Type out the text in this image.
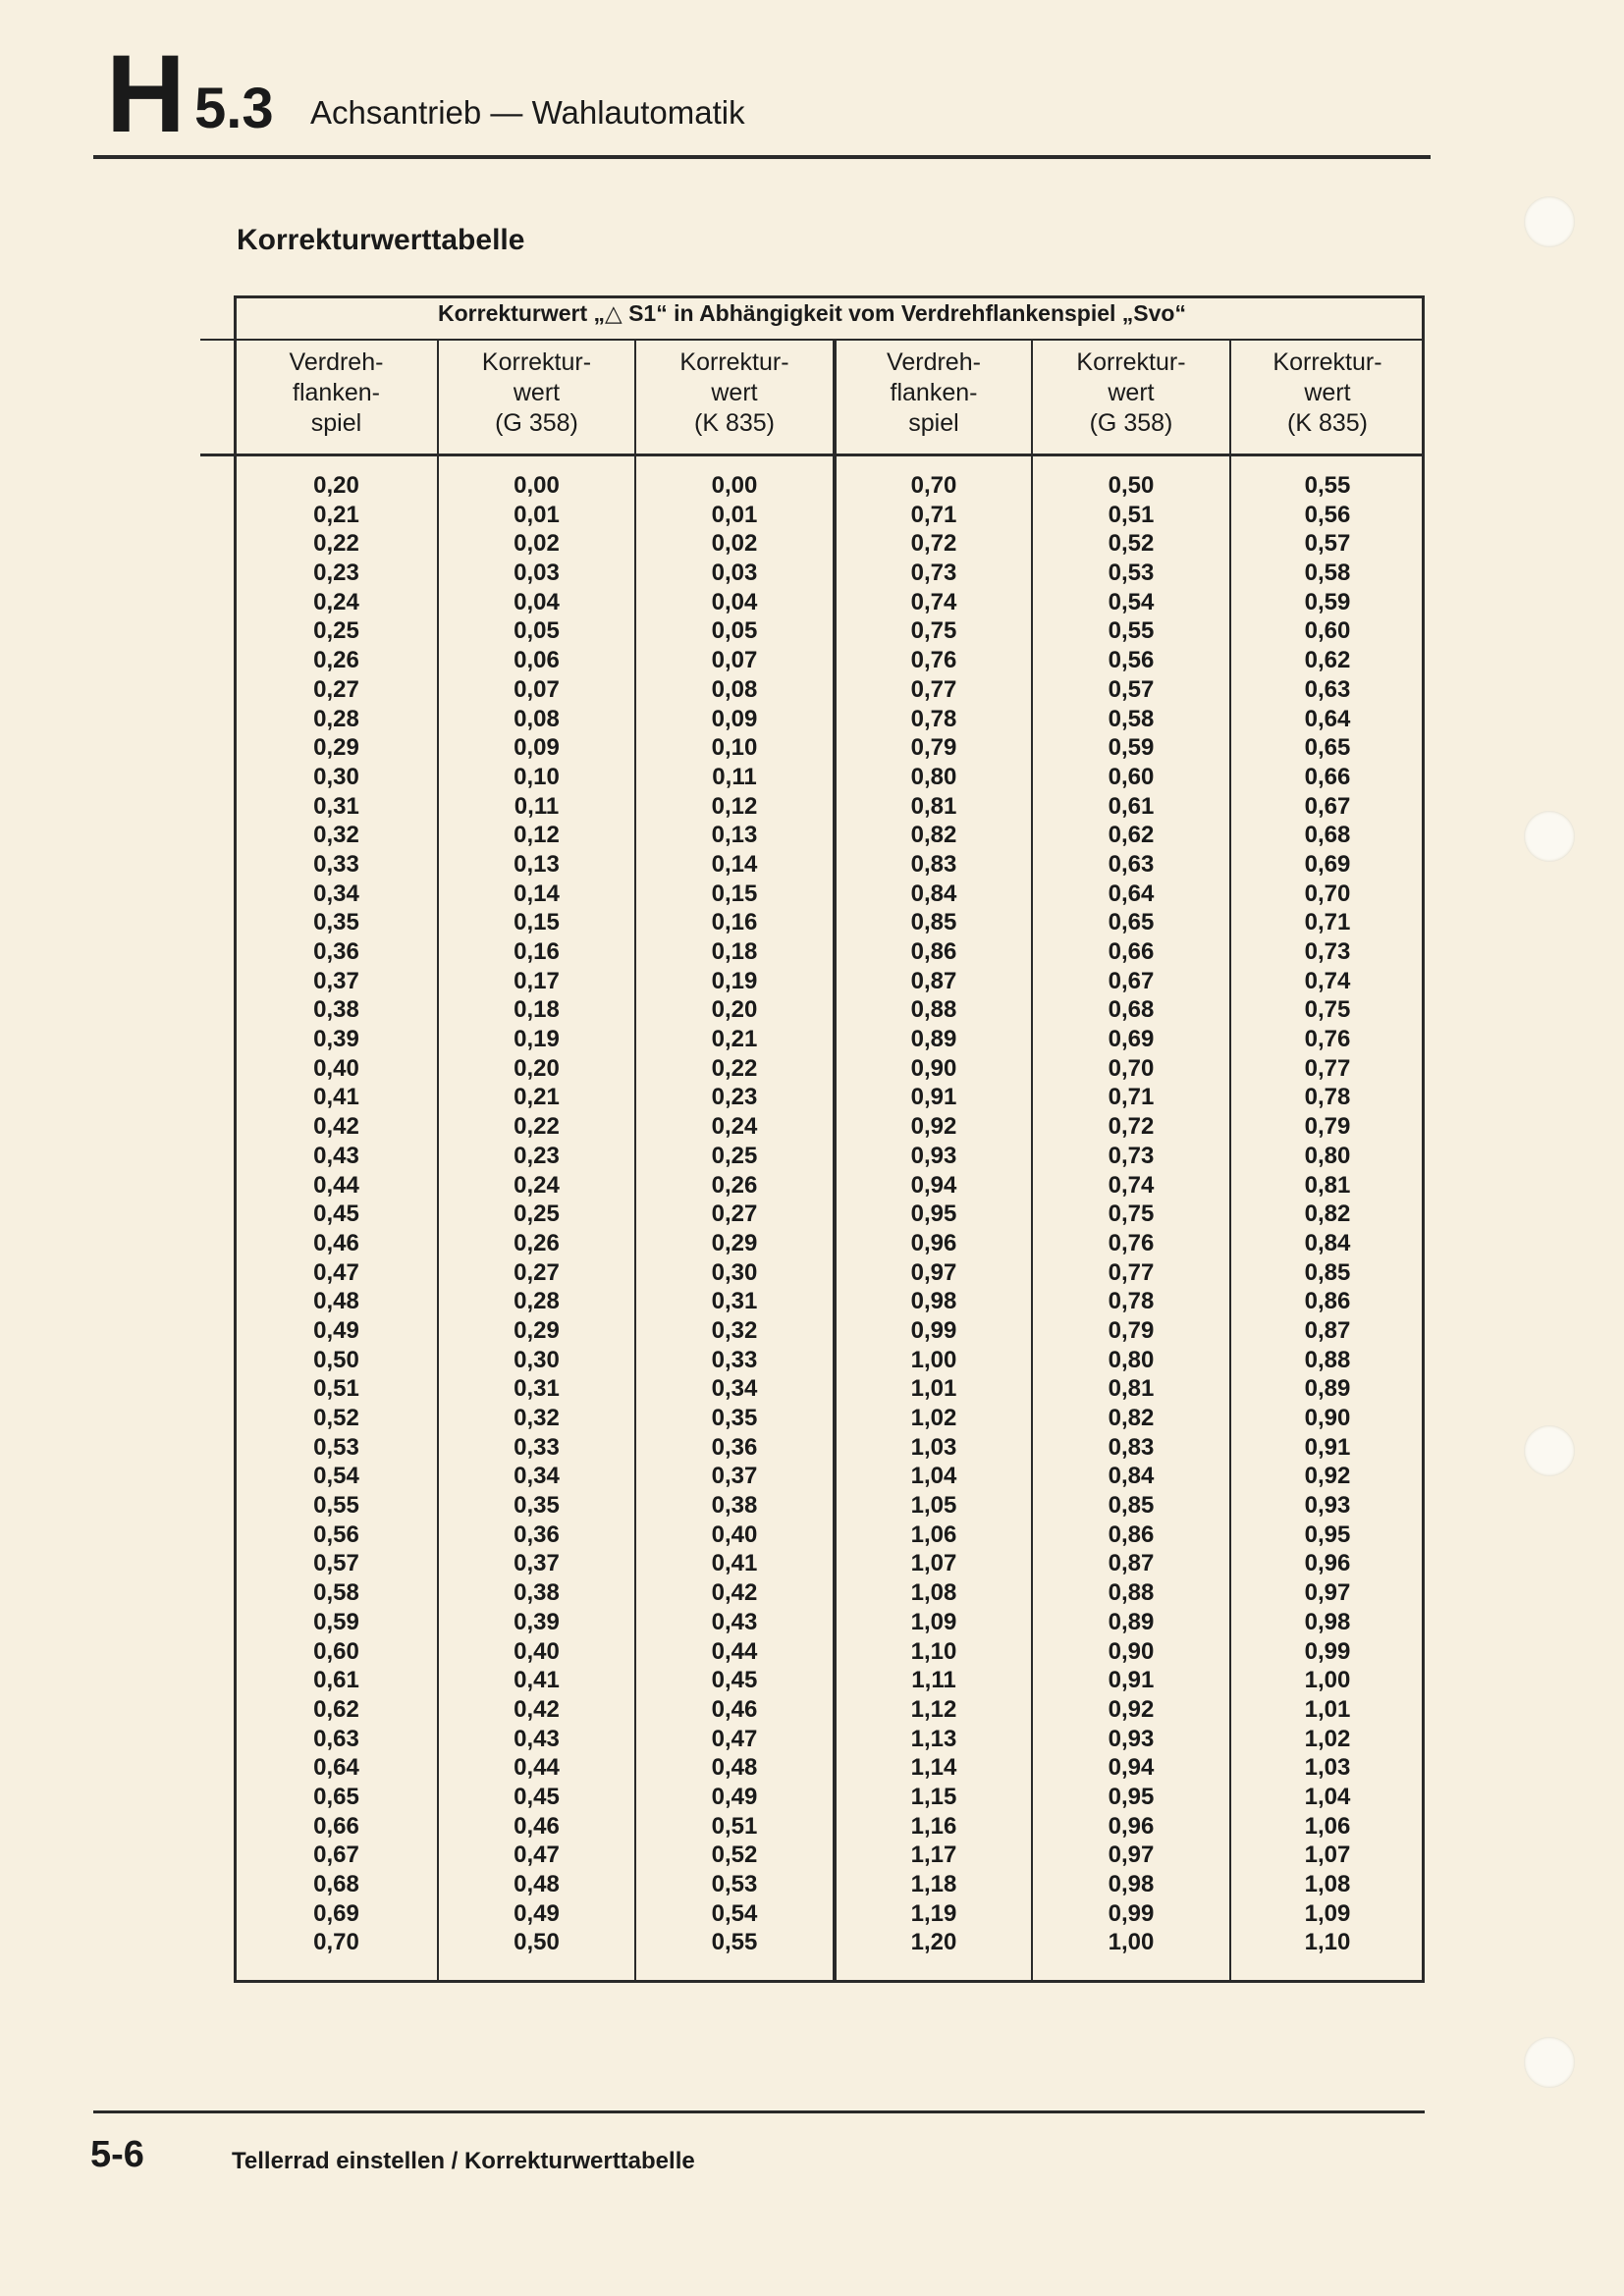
H 5.3 Achsantrieb — Wahlautomatik
Korrekturwerttabelle
Korrekturwert „△ S1“ in Abhängigkeit vom Verdrehflankenspiel „Svo“
Verdreh-
flanken-
spiel
Korrektur-
wert
(G 358)
Korrektur-
wert
(K 835)
Verdreh-
flanken-
spiel
Korrektur-
wert
(G 358)
Korrektur-
wert
(K 835)
0,20
0,21
0,22
0,23
0,24
0,25
0,26
0,27
0,28
0,29
0,30
0,31
0,32
0,33
0,34
0,35
0,36
0,37
0,38
0,39
0,40
0,41
0,42
0,43
0,44
0,45
0,46
0,47
0,48
0,49
0,50
0,51
0,52
0,53
0,54
0,55
0,56
0,57
0,58
0,59
0,60
0,61
0,62
0,63
0,64
0,65
0,66
0,67
0,68
0,69
0,70
0,00
0,01
0,02
0,03
0,04
0,05
0,06
0,07
0,08
0,09
0,10
0,11
0,12
0,13
0,14
0,15
0,16
0,17
0,18
0,19
0,20
0,21
0,22
0,23
0,24
0,25
0,26
0,27
0,28
0,29
0,30
0,31
0,32
0,33
0,34
0,35
0,36
0,37
0,38
0,39
0,40
0,41
0,42
0,43
0,44
0,45
0,46
0,47
0,48
0,49
0,50
0,00
0,01
0,02
0,03
0,04
0,05
0,07
0,08
0,09
0,10
0,11
0,12
0,13
0,14
0,15
0,16
0,18
0,19
0,20
0,21
0,22
0,23
0,24
0,25
0,26
0,27
0,29
0,30
0,31
0,32
0,33
0,34
0,35
0,36
0,37
0,38
0,40
0,41
0,42
0,43
0,44
0,45
0,46
0,47
0,48
0,49
0,51
0,52
0,53
0,54
0,55
0,70
0,71
0,72
0,73
0,74
0,75
0,76
0,77
0,78
0,79
0,80
0,81
0,82
0,83
0,84
0,85
0,86
0,87
0,88
0,89
0,90
0,91
0,92
0,93
0,94
0,95
0,96
0,97
0,98
0,99
1,00
1,01
1,02
1,03
1,04
1,05
1,06
1,07
1,08
1,09
1,10
1,11
1,12
1,13
1,14
1,15
1,16
1,17
1,18
1,19
1,20
0,50
0,51
0,52
0,53
0,54
0,55
0,56
0,57
0,58
0,59
0,60
0,61
0,62
0,63
0,64
0,65
0,66
0,67
0,68
0,69
0,70
0,71
0,72
0,73
0,74
0,75
0,76
0,77
0,78
0,79
0,80
0,81
0,82
0,83
0,84
0,85
0,86
0,87
0,88
0,89
0,90
0,91
0,92
0,93
0,94
0,95
0,96
0,97
0,98
0,99
1,00
0,55
0,56
0,57
0,58
0,59
0,60
0,62
0,63
0,64
0,65
0,66
0,67
0,68
0,69
0,70
0,71
0,73
0,74
0,75
0,76
0,77
0,78
0,79
0,80
0,81
0,82
0,84
0,85
0,86
0,87
0,88
0,89
0,90
0,91
0,92
0,93
0,95
0,96
0,97
0,98
0,99
1,00
1,01
1,02
1,03
1,04
1,06
1,07
1,08
1,09
1,10
5-6	Tellerrad einstellen / Korrekturwerttabelle
